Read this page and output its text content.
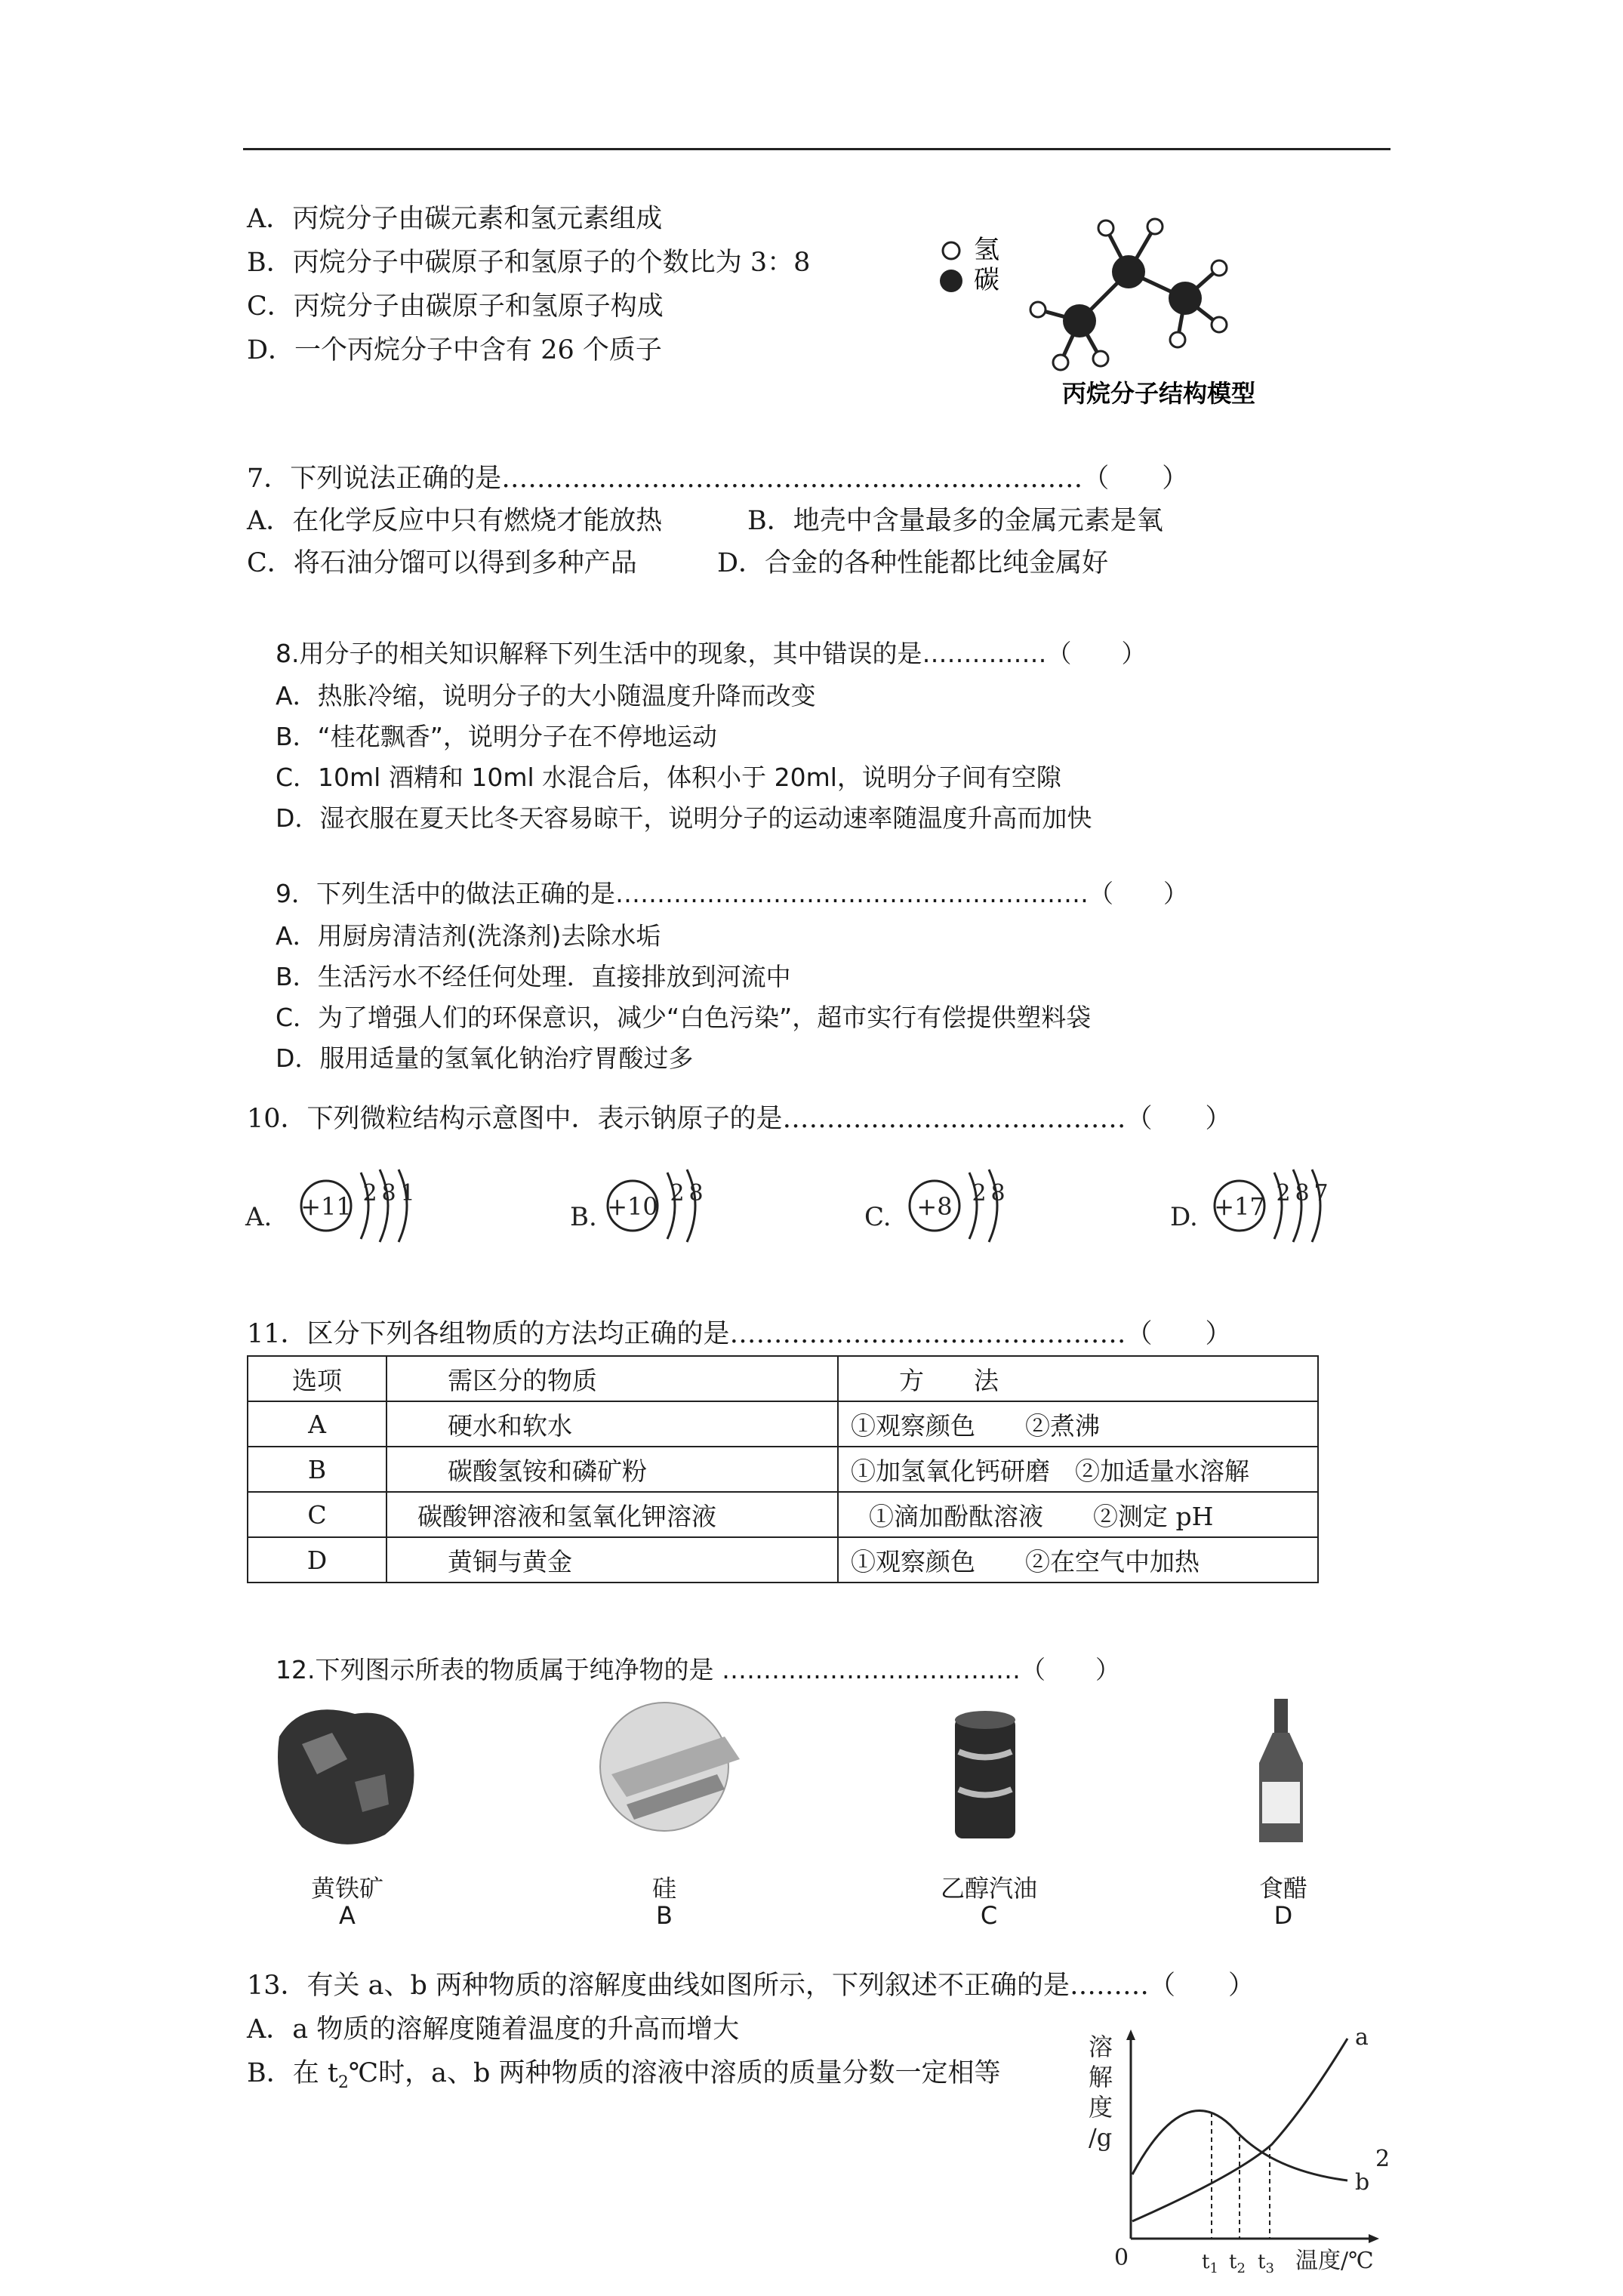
A．丙烷分子由碳元素和氢元素组成
B．丙烷分子中碳原子和氢原子的个数比为 3：8
C．丙烷分子由碳原子和氢原子构成
D．一个丙烷分子中含有 26 个质子
氢
碳
丙烷分子结构模型
7．下列说法正确的是…………………………………………………………（　　）
A．在化学反应中只有燃烧才能放热	B．地壳中含量最多的金属元素是氧
C．将石油分馏可以得到多种产品	D．合金的各种性能都比纯金属好
8.用分子的相关知识解释下列生活中的现象，其中错误的是……………（　　）
A．热胀冷缩，说明分子的大小随温度升降而改变
B．“桂花飘香”，说明分子在不停地运动
C．10ml 酒精和 10ml 水混合后，体积小于 20ml，说明分子间有空隙
D．湿衣服在夏天比冬天容易晾干，说明分子的运动速率随温度升高而加快
9．下列生活中的做法正确的是…………………………………………………（　　）
A．用厨房清洁剂(洗涤剂)去除水垢
B．生活污水不经任何处理．直接排放到河流中
C．为了增强人们的环保意识，减少“白色污染”，超市实行有偿提供塑料袋
D．服用适量的氢氧化钠治疗胃酸过多
10．下列微粒结构示意图中．表示钠原子的是…………………………………（　　）
A. +11 2 8 1
B. +10 2 8
C. +8 2 8
D. +17 2 8 7
11．区分下列各组物质的方法均正确的是………………………………………（　　）
选项	需区分的物质	方　　法
A	硬水和软水	①观察颜色　　②煮沸
B	碳酸氢铵和磷矿粉	①加氢氧化钙研磨　②加适量水溶解
C	碳酸钾溶液和氢氧化钾溶液	①滴加酚酞溶液　　②测定 pH
D	黄铜与黄金	①观察颜色　　②在空气中加热
12.下列图示所表的物质属于纯净物的是 ………………………………（　　）
黄铁矿
A
硅
B
乙醇汽油
C
食醋
D
13．有关 a、b 两种物质的溶解度曲线如图所示，下列叙述不正确的是………（　　）
A．a 物质的溶解度随着温度的升高而增大
B．在 $t_2℃$时，a、b 两种物质的溶液中溶质的质量分数一定相等
溶
解
度
/g
a
b
0	$t_1$ $t_2$ $t_3$ 温度/℃
2
